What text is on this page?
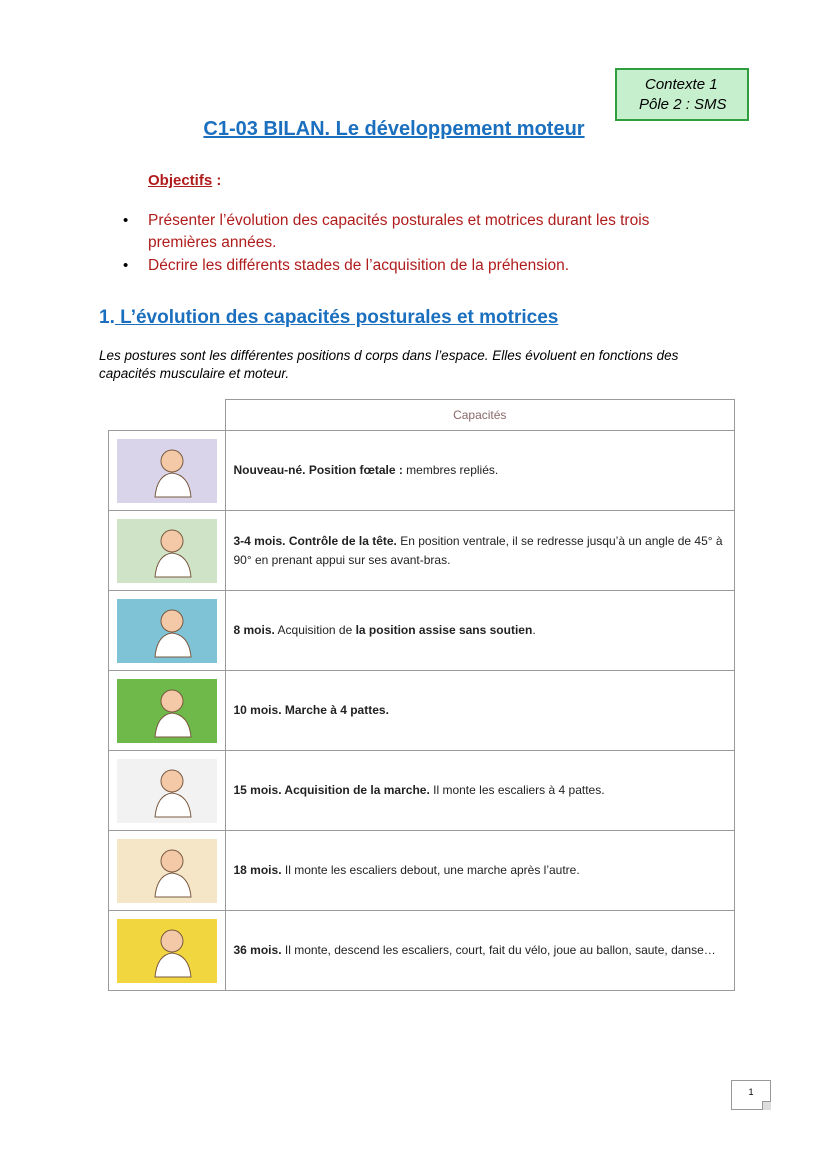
Contexte 1
Pôle 2 : SMS
C1-03 BILAN. Le développement moteur
Objectifs :
• Présenter l’évolution des capacités posturales et motrices durant les trois premières années.
• Décrire les différents stades de l’acquisition de la préhension.
1. L’évolution des capacités posturales et motrices
Les postures sont les différentes positions d corps dans l’espace. Elles évoluent en fonctions des capacités musculaire et moteur.
	Capacités

	Nouveau-né. Position fœtale : membres repliés.

	3-4 mois. Contrôle de la tête. En position ventrale, il se redresse jusqu’à un angle de 45° à 90° en prenant appui sur ses avant-bras.

	8 mois. Acquisition de la position assise sans soutien.

	10 mois. Marche à 4 pattes.

	15 mois. Acquisition de la marche. Il monte les escaliers à 4 pattes.

	18 mois. Il monte les escaliers debout, une marche après l’autre.

	36 mois. Il monte, descend les escaliers, court, fait du vélo, joue au ballon, saute, danse…
1
